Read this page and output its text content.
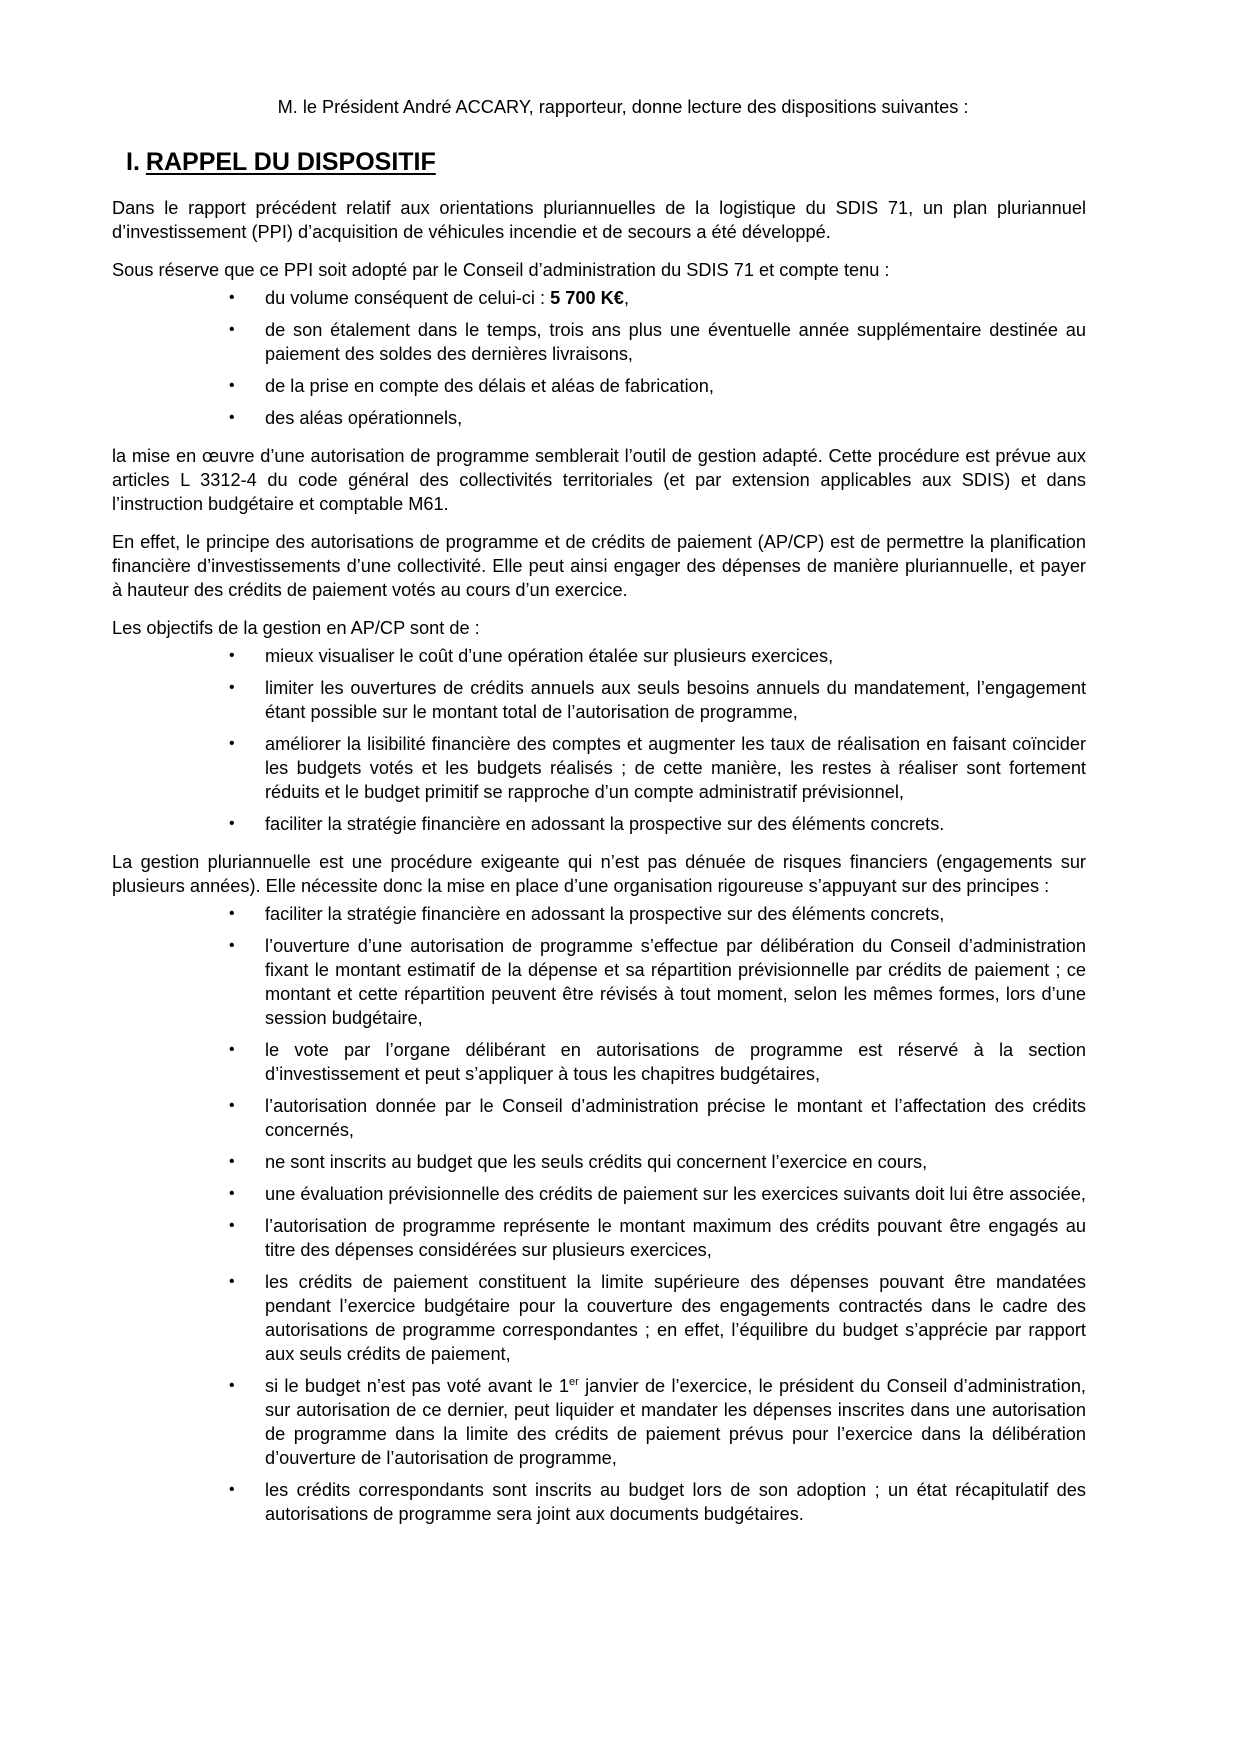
M. le Président André ACCARY, rapporteur, donne lecture des dispositions suivantes :

I. RAPPEL DU DISPOSITIF

Dans le rapport précédent relatif aux orientations pluriannuelles de la logistique du SDIS 71, un plan pluriannuel d’investissement (PPI) d’acquisition de véhicules incendie et de secours a été développé.

Sous réserve que ce PPI soit adopté par le Conseil d’administration du SDIS 71 et compte tenu :

• du volume conséquent de celui-ci : 5 700 K€,
• de son étalement dans le temps, trois ans plus une éventuelle année supplémentaire destinée au paiement des soldes des dernières livraisons,
• de la prise en compte des délais et aléas de fabrication,
• des aléas opérationnels,

la mise en œuvre d’une autorisation de programme semblerait l’outil de gestion adapté. Cette procédure est prévue aux articles L 3312-4 du code général des collectivités territoriales (et par extension applicables aux SDIS) et dans l’instruction budgétaire et comptable M61.

En effet, le principe des autorisations de programme et de crédits de paiement (AP/CP) est de permettre la planification financière d’investissements d’une collectivité. Elle peut ainsi engager des dépenses de manière pluriannuelle, et payer à hauteur des crédits de paiement votés au cours d’un exercice.

Les objectifs de la gestion en AP/CP sont de :

• mieux visualiser le coût d’une opération étalée sur plusieurs exercices,
• limiter les ouvertures de crédits annuels aux seuls besoins annuels du mandatement, l’engagement étant possible sur le montant total de l’autorisation de programme,
• améliorer la lisibilité financière des comptes et augmenter les taux de réalisation en faisant coïncider les budgets votés et les budgets réalisés ; de cette manière, les restes à réaliser sont fortement réduits et le budget primitif se rapproche d’un compte administratif prévisionnel,
• faciliter la stratégie financière en adossant la prospective sur des éléments concrets.

La gestion pluriannuelle est une procédure exigeante qui n’est pas dénuée de risques financiers (engagements sur plusieurs années). Elle nécessite donc la mise en place d’une organisation rigoureuse s’appuyant sur des principes :

• faciliter la stratégie financière en adossant la prospective sur des éléments concrets,
• l’ouverture d’une autorisation de programme s’effectue par délibération du Conseil d’administration fixant le montant estimatif de la dépense et sa répartition prévisionnelle par crédits de paiement ; ce montant et cette répartition peuvent être révisés à tout moment, selon les mêmes formes, lors d’une session budgétaire,
• le vote par l’organe délibérant en autorisations de programme est réservé à la section d’investissement et peut s’appliquer à tous les chapitres budgétaires,
• l’autorisation donnée par le Conseil d’administration précise le montant et l’affectation des crédits concernés,
• ne sont inscrits au budget que les seuls crédits qui concernent l’exercice en cours,
• une évaluation prévisionnelle des crédits de paiement sur les exercices suivants doit lui être associée,
• l’autorisation de programme représente le montant maximum des crédits pouvant être engagés au titre des dépenses considérées sur plusieurs exercices,
• les crédits de paiement constituent la limite supérieure des dépenses pouvant être mandatées pendant l’exercice budgétaire pour la couverture des engagements contractés dans le cadre des autorisations de programme correspondantes ; en effet, l’équilibre du budget s’apprécie par rapport aux seuls crédits de paiement,
• si le budget n’est pas voté avant le 1er janvier de l’exercice, le président du Conseil d’administration, sur autorisation de ce dernier, peut liquider et mandater les dépenses inscrites dans une autorisation de programme dans la limite des crédits de paiement prévus pour l’exercice dans la délibération d’ouverture de l’autorisation de programme,
• les crédits correspondants sont inscrits au budget lors de son adoption ; un état récapitulatif des autorisations de programme sera joint aux documents budgétaires.
